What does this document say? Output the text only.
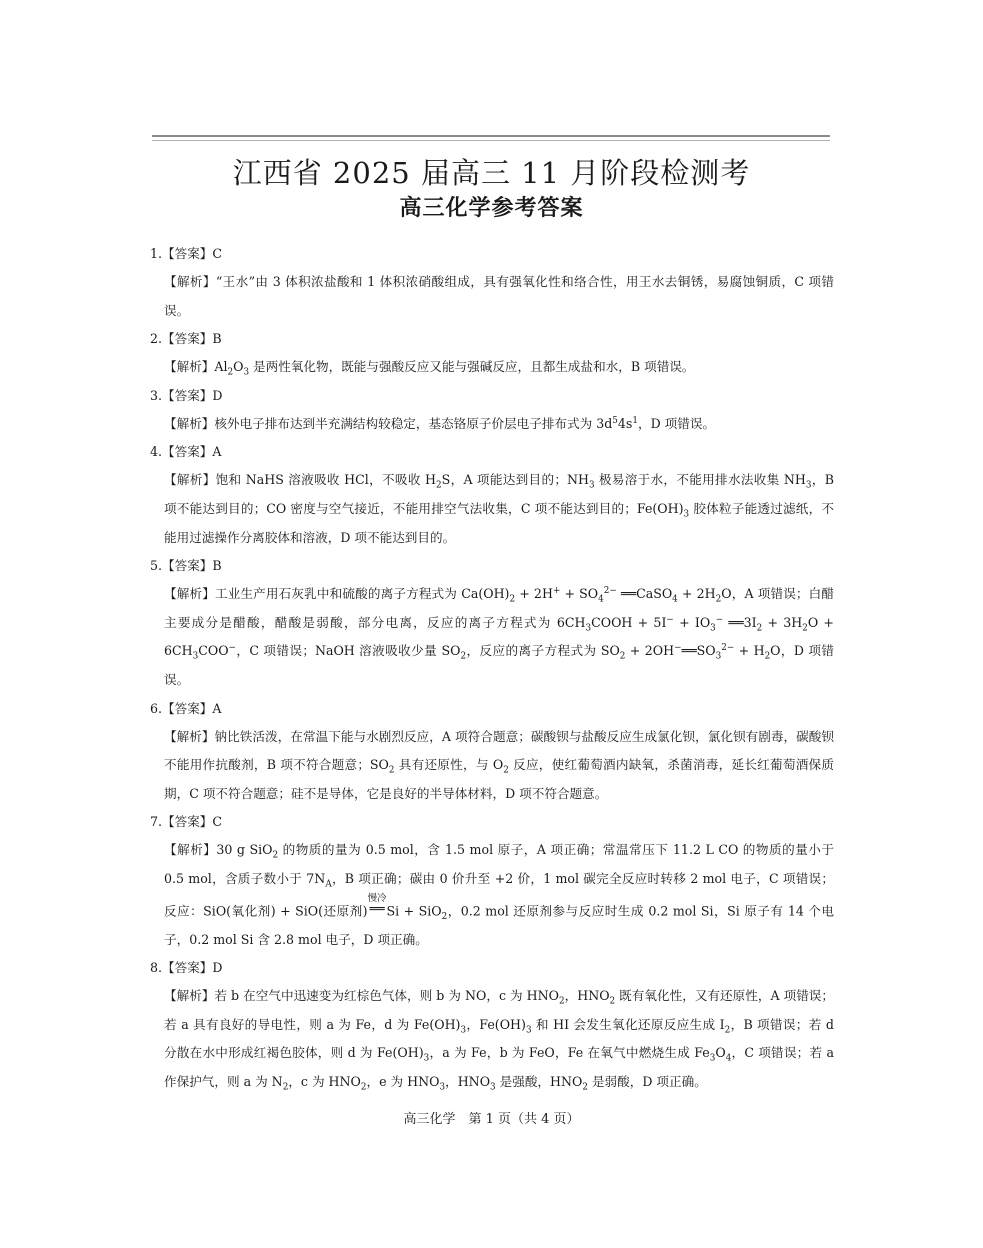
江西省 2025 届高三 11 月阶段检测考
高三化学参考答案
1.【答案】C
【解析】“王水”由 3 体积浓盐酸和 1 体积浓硝酸组成，具有强氧化性和络合性，用王水去铜锈，易腐蚀铜质，C 项错误。
2.【答案】B
【解析】$Al_2O_3$ 是两性氧化物，既能与强酸反应又能与强碱反应，且都生成盐和水，B 项错误。
3.【答案】D
【解析】核外电子排布达到半充满结构较稳定，基态铬原子价层电子排布式为 $3d^54s^1$，D 项错误。
4.【答案】A
【解析】饱和 NaHS 溶液吸收 HCl，不吸收 $H_2S$，A 项能达到目的；$NH_3$ 极易溶于水，不能用排水法收集 $NH_3$，B 项不能达到目的；CO 密度与空气接近，不能用排空气法收集，C 项不能达到目的；$Fe(OH)_3$ 胶体粒子能透过滤纸，不能用过滤操作分离胶体和溶液，D 项不能达到目的。
5.【答案】B
【解析】工业生产用石灰乳中和硫酸的离子方程式为 $Ca(OH)_2 + 2H^+ + SO_4^{2-}$ ══CaSO$_4$ + $2H_2O$，A 项错误；白醋主要成分是醋酸，醋酸是弱酸，部分电离，反应的离子方程式为 $6CH_3COOH + 5I^- + IO_3^-$ $══3I_2 + 3H_2O + 6CH_3COO^-$，C 项错误；NaOH 溶液吸收少量 $SO_2$，反应的离子方程式为 $SO_2$ + $2OH^-══SO_3^{2-} + H_2O$，D 项错误。
6.【答案】A
【解析】钠比铁活泼，在常温下能与水剧烈反应，A 项符合题意；碳酸钡与盐酸反应生成氯化钡，氯化钡有剧毒，碳酸钡不能用作抗酸剂，B 项不符合题意；$SO_2$ 具有还原性，与 $O_2$ 反应，使红葡萄酒内缺氧，杀菌消毒，延长红葡萄酒保质期，C 项不符合题意；硅不是导体，它是良好的半导体材料，D 项不符合题意。
7.【答案】C
【解析】30 g SiO$_2$ 的物质的量为 0.5 mol，含 1.5 mol 原子，A 项正确；常温常压下 11.2 L CO 的物质的量小于 0.5 mol，含质子数小于 $7N_A$，B 项正确；碳由 0 价升至 +2 价，1 mol 碳完全反应时转移 2 mol 电子，C 项错误；反应：SiO(氧化剂) + SiO(还原剂)
慢冷
══ Si + SiO$_2$，0.2 mol 还原剂参与反应时生成 0.2 mol Si，Si 原子有 14 个电子，0.2 mol Si 含 2.8 mol 电子，D 项正确。
8.【答案】D
【解析】若 b 在空气中迅速变为红棕色气体，则 b 为 NO，c 为 $HNO_2$，$HNO_2$ 既有氧化性，又有还原性，A 项错误；若 a 具有良好的导电性，则 a 为 Fe，d 为 $Fe(OH)_3$，$Fe(OH)_3$ 和 HI 会发生氧化还原反应生成 $I_2$，B 项错误；若 d 分散在水中形成红褐色胶体，则 d 为 $Fe(OH)_3$，a 为 Fe，b 为 FeO，Fe 在氧气中燃烧生成 $Fe_3O_4$，C 项错误；若 a 作保护气，则 a 为 $N_2$，c 为 $HNO_2$，e 为 $HNO_3$，$HNO_3$ 是强酸，$HNO_2$ 是弱酸，D 项正确。
高三化学　第 1 页（共 4 页）
